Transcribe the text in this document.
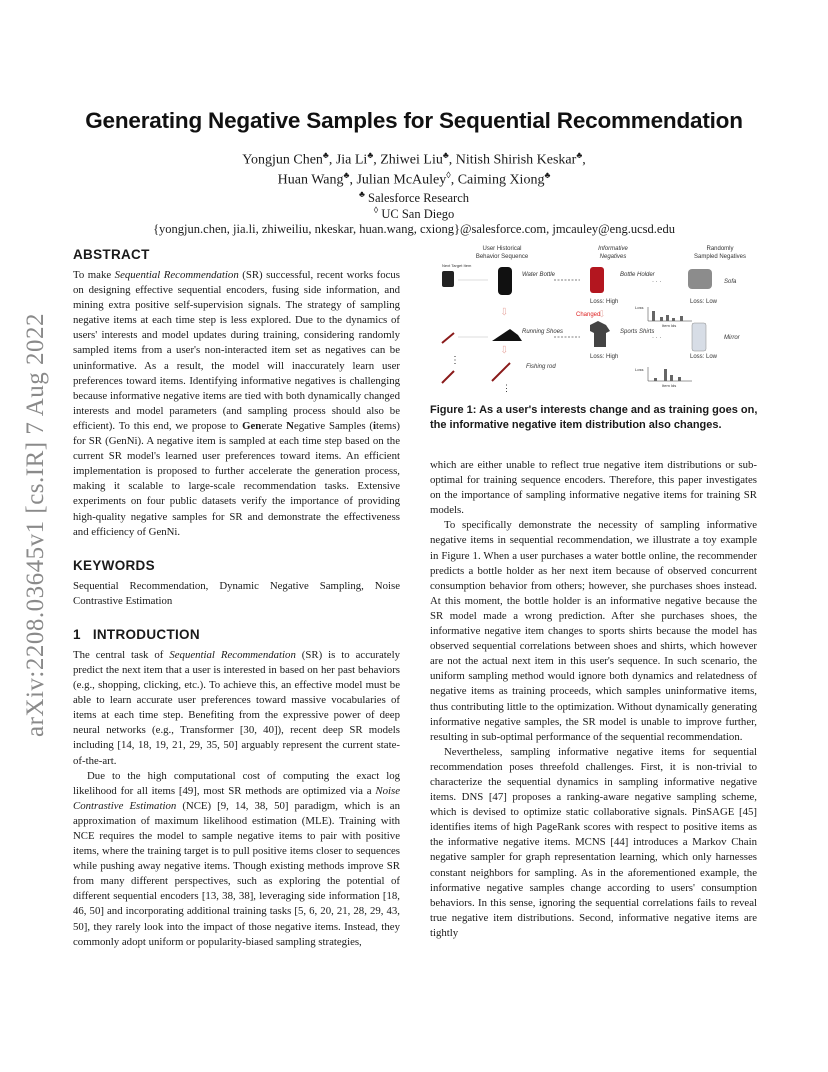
arXiv:2208.03645v1 [cs.IR] 7 Aug 2022
Generating Negative Samples for Sequential Recommendation
Yongjun Chen♣, Jia Li♣, Zhiwei Liu♣, Nitish Shirish Keskar♣,
Huan Wang♣, Julian McAuley◊, Caiming Xiong♣
♣ Salesforce Research
◊ UC San Diego
{yongjun.chen, jia.li, zhiweiliu, nkeskar, huan.wang, cxiong}@salesforce.com, jmcauley@eng.ucsd.edu
ABSTRACT

To make Sequential Recommendation (SR) successful, recent works focus on designing effective sequential encoders, fusing side information, and mining extra positive self-supervision signals. The strategy of sampling negative items at each time step is less explored. Due to the dynamics of users' interests and model updates during training, considering randomly sampled items from a user's non-interacted item set as negatives can be uninformative. As a result, the model will inaccurately learn user preferences toward items. Identifying informative negatives is challenging because informative negative items are tied with both dynamically changed interests and model parameters (and sampling process should also be efficient). To this end, we propose to Generate Negative Samples (items) for SR (GenNi). A negative item is sampled at each time step based on the current SR model's learned user preferences toward items. An efficient implementation is proposed to further accelerate the generation process, making it scalable to large-scale recommendation tasks. Extensive experiments on four public datasets verify the importance of providing high-quality negative samples for SR and demonstrate the effectiveness and efficiency of GenNi.

KEYWORDS
Sequential Recommendation, Dynamic Negative Sampling, Noise Contrastive Estimation
1 INTRODUCTION

The central task of Sequential Recommendation (SR) is to accurately predict the next item that a user is interested in based on her past behaviors (e.g., shopping, clicking, etc.). To achieve this, an effective model must be able to learn accurate user preferences toward massive vocabularies of items at each time step. Benefiting from the expressive power of deep neural networks (e.g., Transformer [30, 40]), recent deep SR models including [14, 18, 19, 21, 29, 35, 50] arguably represent the current state-of-the-art.

Due to the high computational cost of computing the exact log likelihood for all items [49], most SR methods are optimized via a Noise Contrastive Estimation (NCE) [9, 14, 38, 50] paradigm, which is an approximation of maximum likelihood estimation (MLE). Training with NCE requires the model to sample negative items to pair with positive items, where the training target is to pull positive items closer to sequences while pushing away negative items. Though existing methods improve SR from many different perspectives, such as exploring the potential of different sequential encoders [13, 38, 38], leveraging side information [18, 46, 50] and incorporating additional training tasks [5, 6, 20, 21, 28, 29, 43, 50], they rarely look into the impact of those negative items. Instead, they commonly adopt uniform or popularity-biased sampling strategies,

User Historical
Behavior Sequence
Informative
Negatives
Randomly
Sampled Negatives
Next Target Item
Water Bottle	Bottle Holder
· · ·	Sofa
Loss: High	Loss: Low
Loss
Item Ids
⇩	Changed
⇩
Running Shoes	Sports Shirts
· · ·	Mirror
Loss: High	Loss: Low
Loss
Item Ids
⋮
⇩
Fishing rod
⋮
Figure 1: As a user's interests change and as training goes on, the informative negative item distribution also changes.

which are either unable to reflect true negative item distributions or sub-optimal for training sequence encoders. Therefore, this paper investigates on the importance of sampling informative negative items for training SR models.

To specifically demonstrate the necessity of sampling informative negative items in sequential recommendation, we illustrate a toy example in Figure 1. When a user purchases a water bottle online, the recommender predicts a bottle holder as her next item because of observed concurrent consumption behavior from others; however, she purchases shoes instead. At this moment, the bottle holder is an informative negative because the SR model made a wrong prediction. After she purchases shoes, the informative negative item changes to sports shirts because the model has observed sequential correlations between shoes and shirts, which however are not the actual next item in this user's sequence. In such scenario, the uniform sampling method would ignore both dynamics and relatedness of negative items as training proceeds, which samples uninformative items, thus contributing little to the optimization. Without dynamically generating informative negative samples, the SR model is unable to improve further, resulting in sub-optimal performance of the sequential recommendation.

Nevertheless, sampling informative negative items for sequential recommendation poses threefold challenges. First, it is non-trivial to characterize the sequential dynamics in sampling informative negative items. DNS [47] proposes a ranking-aware negative sampling scheme, which is devised to optimize static collaborative signals. PinSAGE [45] identifies items of high PageRank scores with respect to positive items as the informative negative items. MCNS [44] introduces a Markov Chain negative sampler for graph representation learning, which only harnesses constant neighbors for sampling. As in the aforementioned example, the informative negative samples change according to users' consumption behaviors. In this sense, ignoring the sequential correlations fails to reveal true negative item distributions. Second, informative negative items are tightly
